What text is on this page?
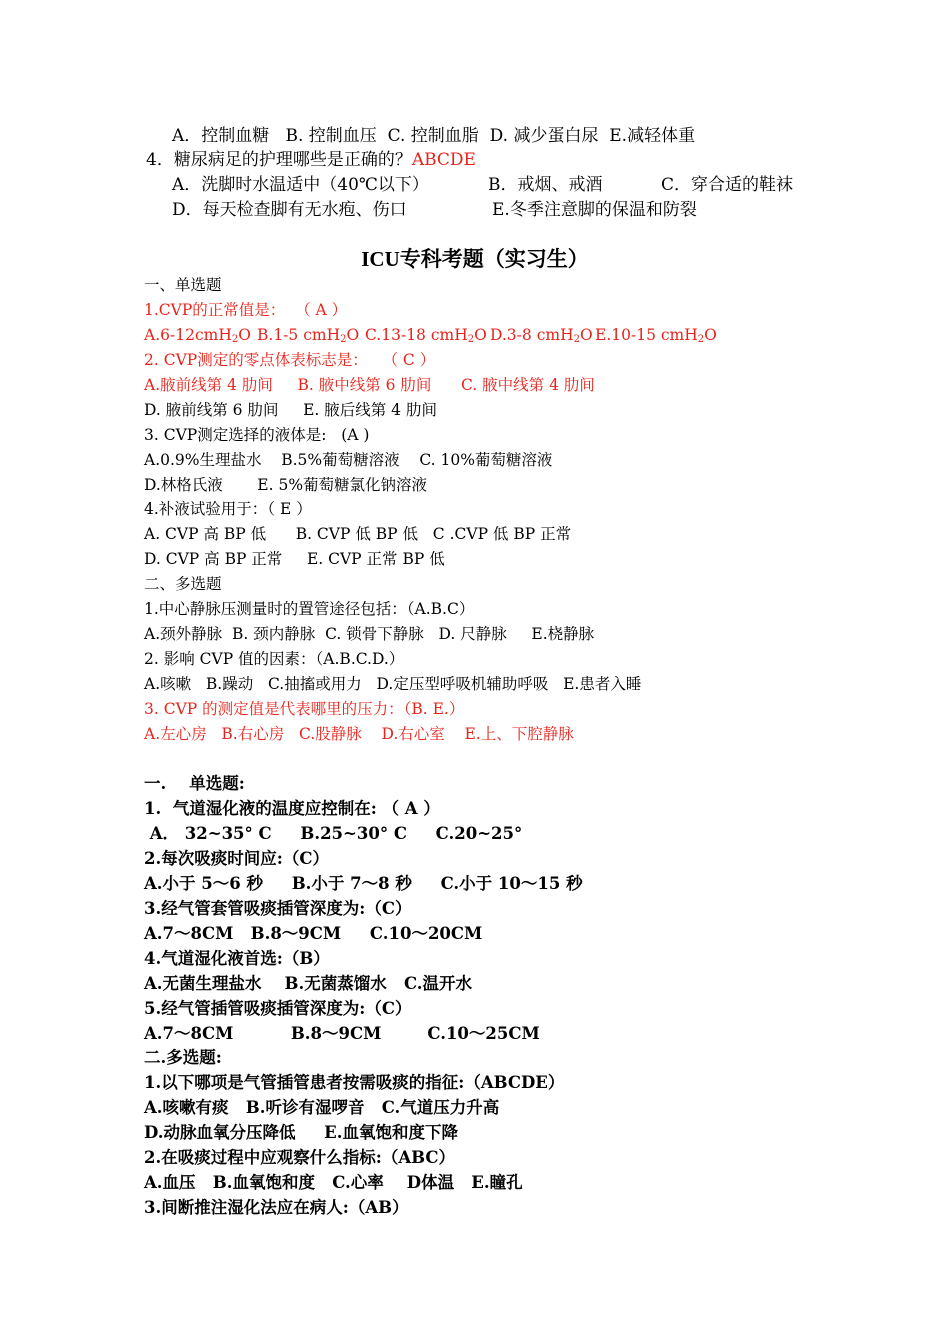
A．控制血糖   B. 控制血压  C. 控制血脂  D. 减少蛋白尿  E.减轻体重
4．糖尿病足的护理哪些是正确的？ABCDE
A．洗脚时水温适中（40℃以下）	B．戒烟、戒酒	C．穿合适的鞋袜
D．每天检查脚有无水疱、伤口	E.冬季注意脚的保温和防裂
ICU专科考题（实习生）
一、单选题
1.CVP的正常值是：  （ A ）
A.6-12cmH$_2$O B.1-5 cmH$_2$O C.13-18 cmH$_2$O D.3-8 cmH$_2$O E.10-15 cmH$_2$O
2. CVP测定的零点体表标志是：   （ C ）
A.腋前线第 4 肋间     B. 腋中线第 6 肋间      C. 腋中线第 4 肋间
D. 腋前线第 6 肋间     E. 腋后线第 4 肋间
3. CVP测定选择的液体是:   (A )
A.0.9%生理盐水    B.5%葡萄糖溶液    C. 10%葡萄糖溶液
D.林格氏液       E. 5%葡萄糖氯化钠溶液
4.补液试验用于：（ E ）
A. CVP 高 BP 低      B. CVP 低 BP 低   C .CVP 低 BP 正常
D. CVP 高 BP 正常     E. CVP 正常 BP 低
二、多选题
1.中心静脉压测量时的置管途径包括：（A.B.C）
A.颈外静脉  B. 颈内静脉  C. 锁骨下静脉   D. 尺静脉     E.桡静脉
2. 影响 CVP 值的因素：（A.B.C.D.）
A.咳嗽   B.躁动   C.抽搐或用力   D.定压型呼吸机辅助呼吸   E.患者入睡
3. CVP 的测定值是代表哪里的压力：（B. E.）
A.左心房   B.右心房   C.股静脉    D.右心室    E.上、下腔静脉
一.    单选题:
1.  气道湿化液的温度应控制在: （ A ）
A． 32~35° C     B.25~30° C     C.20~25°
2.每次吸痰时间应:（C）
A.小于 5～6 秒     B.小于 7～8 秒     C.小于 10～15 秒
3.经气管套管吸痰插管深度为:（C）
A.7～8CM   B.8～9CM     C.10～20CM
4.气道湿化液首选:（B）
A.无菌生理盐水    B.无菌蒸馏水   C.温开水
5.经气管插管吸痰插管深度为:（C）
A.7～8CM          B.8～9CM        C.10～25CM
二.多选题:
1.以下哪项是气管插管患者按需吸痰的指征:（ABCDE）
A.咳嗽有痰   B.听诊有湿啰音   C.气道压力升高
D.动脉血氧分压降低     E.血氧饱和度下降
2.在吸痰过程中应观察什么指标:（ABC）
A.血压   B.血氧饱和度   C.心率    D体温   E.瞳孔
3.间断推注湿化法应在病人:（AB）
